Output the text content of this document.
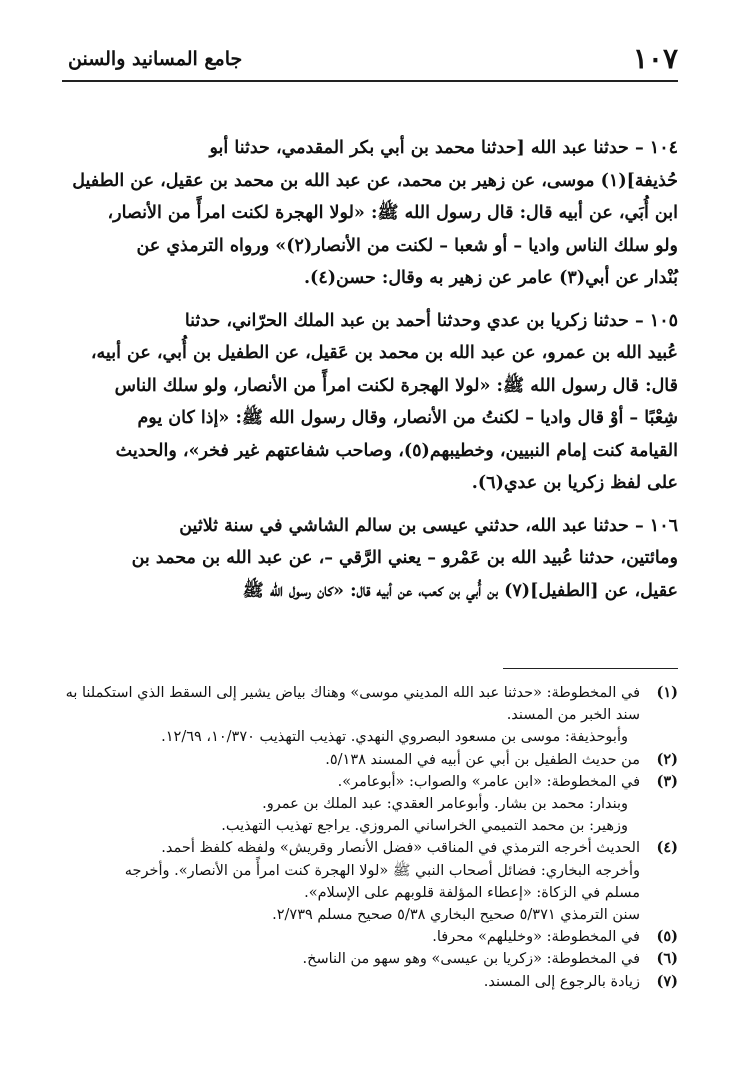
١٠٧
جامع المسانيد والسنن
١٠٤ – حدثنا عبد الله [حدثنا محمد بن أبي بكر المقدمي، حدثنا أبو
حُذيفة](١) موسى، عن زهير بن محمد، عن عبد الله بن محمد بن عقيل، عن الطفيل
ابن أُبَي، عن أبيه قال: قال رسول الله ﷺ: «لولا الهجرة لكنت امرأً من الأنصار،
ولو سلك الناس واديا – أو شعبا – لكنت من الأنصار(٢)» ورواه الترمذي عن
بُنْدار عن أبي(٣) عامر عن زهير به وقال: حسن(٤).
١٠٥ – حدثنا زكريا بن عدي وحدثنا أحمد بن عبد الملك الحرّاني، حدثنا
عُبيد الله بن عمرو، عن عبد الله بن محمد بن عَقيل، عن الطفيل بن أُبي، عن أبيه،
قال: قال رسول الله ﷺ: «لولا الهجرة لكنت امرأً من الأنصار، ولو سلك الناس
شِعْبًا – أوْ قال واديا – لكنتُ من الأنصار، وقال رسول الله ﷺ: «إذا كان يوم
القيامة كنت إمام النبيين، وخطيبهم(٥)، وصاحب شفاعتهم غير فخر»، والحديث
على لفظ زكريا بن عدي(٦).
١٠٦ – حدثنا عبد الله، حدثني عيسى بن سالم الشاشي في سنة ثلاثين
ومائتين، حدثنا عُبيد الله بن عَمْرو – يعني الرَّقي –، عن عبد الله بن محمد بن
عقيل، عن [الطفيل](٧) بن أُبي بن كعب، عن أبيه قال: «كان رسول الله ﷺ
(١)
في المخطوطة: «حدثنا عبد الله المديني موسى» وهناك بياض يشير إلى السقط الذي استكملنا به
سند الخبر من المسند.
وأبوحذيفة: موسى بن مسعود البصروي النهدي. تهذيب التهذيب ١٠/٣٧٠، ١٢/٦٩.
(٢)
من حديث الطفيل بن أبي عن أبيه في المسند ٥/١٣٨.
(٣)
في المخطوطة: «ابن عامر» والصواب: «أبوعامر».
وبندار: محمد بن بشار. وأبوعامر العقدي: عبد الملك بن عمرو.
وزهير: بن محمد التميمي الخراساني المروزي. يراجع تهذيب التهذيب.
(٤)
الحديث أخرجه الترمذي في المناقب «فضل الأنصار وقريش» ولفظه كلفظ أحمد.
وأخرجه البخاري: فضائل أصحاب النبي ﷺ «لولا الهجرة كنت امرأً من الأنصار». وأخرجه
مسلم في الزكاة: «إعطاء المؤلفة قلوبهم على الإسلام».
سنن الترمذي ٥/٣٧١ صحيح البخاري ٥/٣٨ صحيح مسلم ٢/٧٣٩.
(٥)
في المخطوطة: «وخليلهم» محرفا.
(٦)
في المخطوطة: «زكريا بن عيسى» وهو سهو من الناسخ.
(٧)
زيادة بالرجوع إلى المسند.
